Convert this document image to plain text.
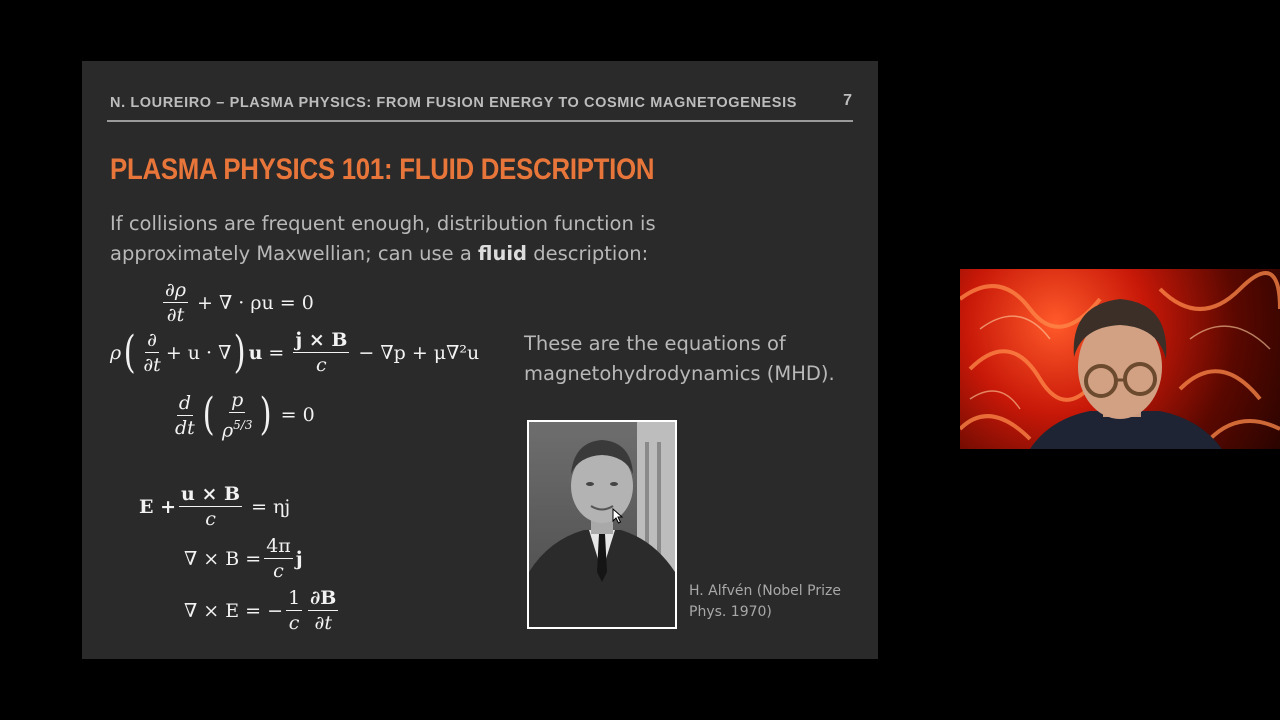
N. LOUREIRO – PLASMA PHYSICS: FROM FUSION ENERGY TO COSMIC MAGNETOGENESIS	7
PLASMA PHYSICS 101: FLUID DESCRIPTION
If collisions are frequent enough, distribution function is approximately Maxwellian; can use a fluid description:
$\frac{\partial\rho}{\partial t}$ + ∇ · ρu = 0
ρ ( $\frac{\partial}{\partial t} + u$ · ∇ ) $u = \frac{j \times B}{c} - \nabla p + \mu\nabla^2u$
$\frac{d}{dt}$ ( $\frac{p}{\rho^{5/3}}$ ) = 0
$E + \frac{u \times B}{c} = \eta j$
∇ × $B = \frac{4\pi}{c}$ j
∇ × E = − $\frac{1}{c} \frac{\partial B}{\partial t}$
These are the equations of magnetohydrodynamics (MHD).
H. Alfvén (Nobel Prize Phys. 1970)
